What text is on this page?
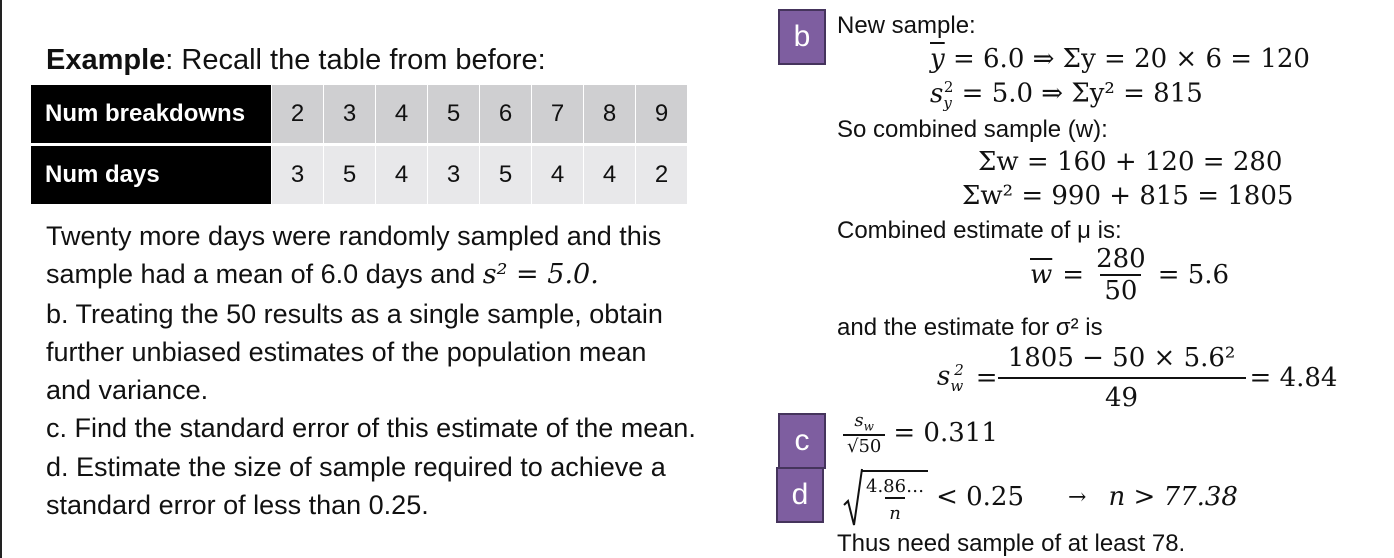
Example: Recall the table from before:
Num breakdowns	2	3	4	5	6	7	8	9
Num days	3	5	4	3	5	4	4	2

Twenty more days were randomly sampled and this

sample had a mean of 6.0 days and s² = 5.0.

b. Treating the 50 results as a single sample, obtain

further unbiased estimates of the population mean

and variance.

c. Find the standard error of this estimate of the mean.

d. Estimate the size of sample required to achieve a

standard error of less than 0.25.

b
c
d
New sample:
$\overline{y} = 6.0$ ⇒ Σy = 20 × 6 = 120
$s_y^2 = 5.0$ ⇒ Σy² = 815
So combined sample (w):
Σw = 160 + 120 = 280
Σw² = 990 + 815 = 1805
Combined estimate of μ is:
$\overline{w} = \frac{280}{50} = 5.6$
and the estimate for σ² is
$s_w^2 = \frac{\text{1805 − 50 × 5.6²}}{49} = 4.84$
$\frac{s_w}{√50} = 0.311$
$\frac{4.86\dots}{n} < 0.25 \to n > 77.38$
Thus need sample of at least 78.
